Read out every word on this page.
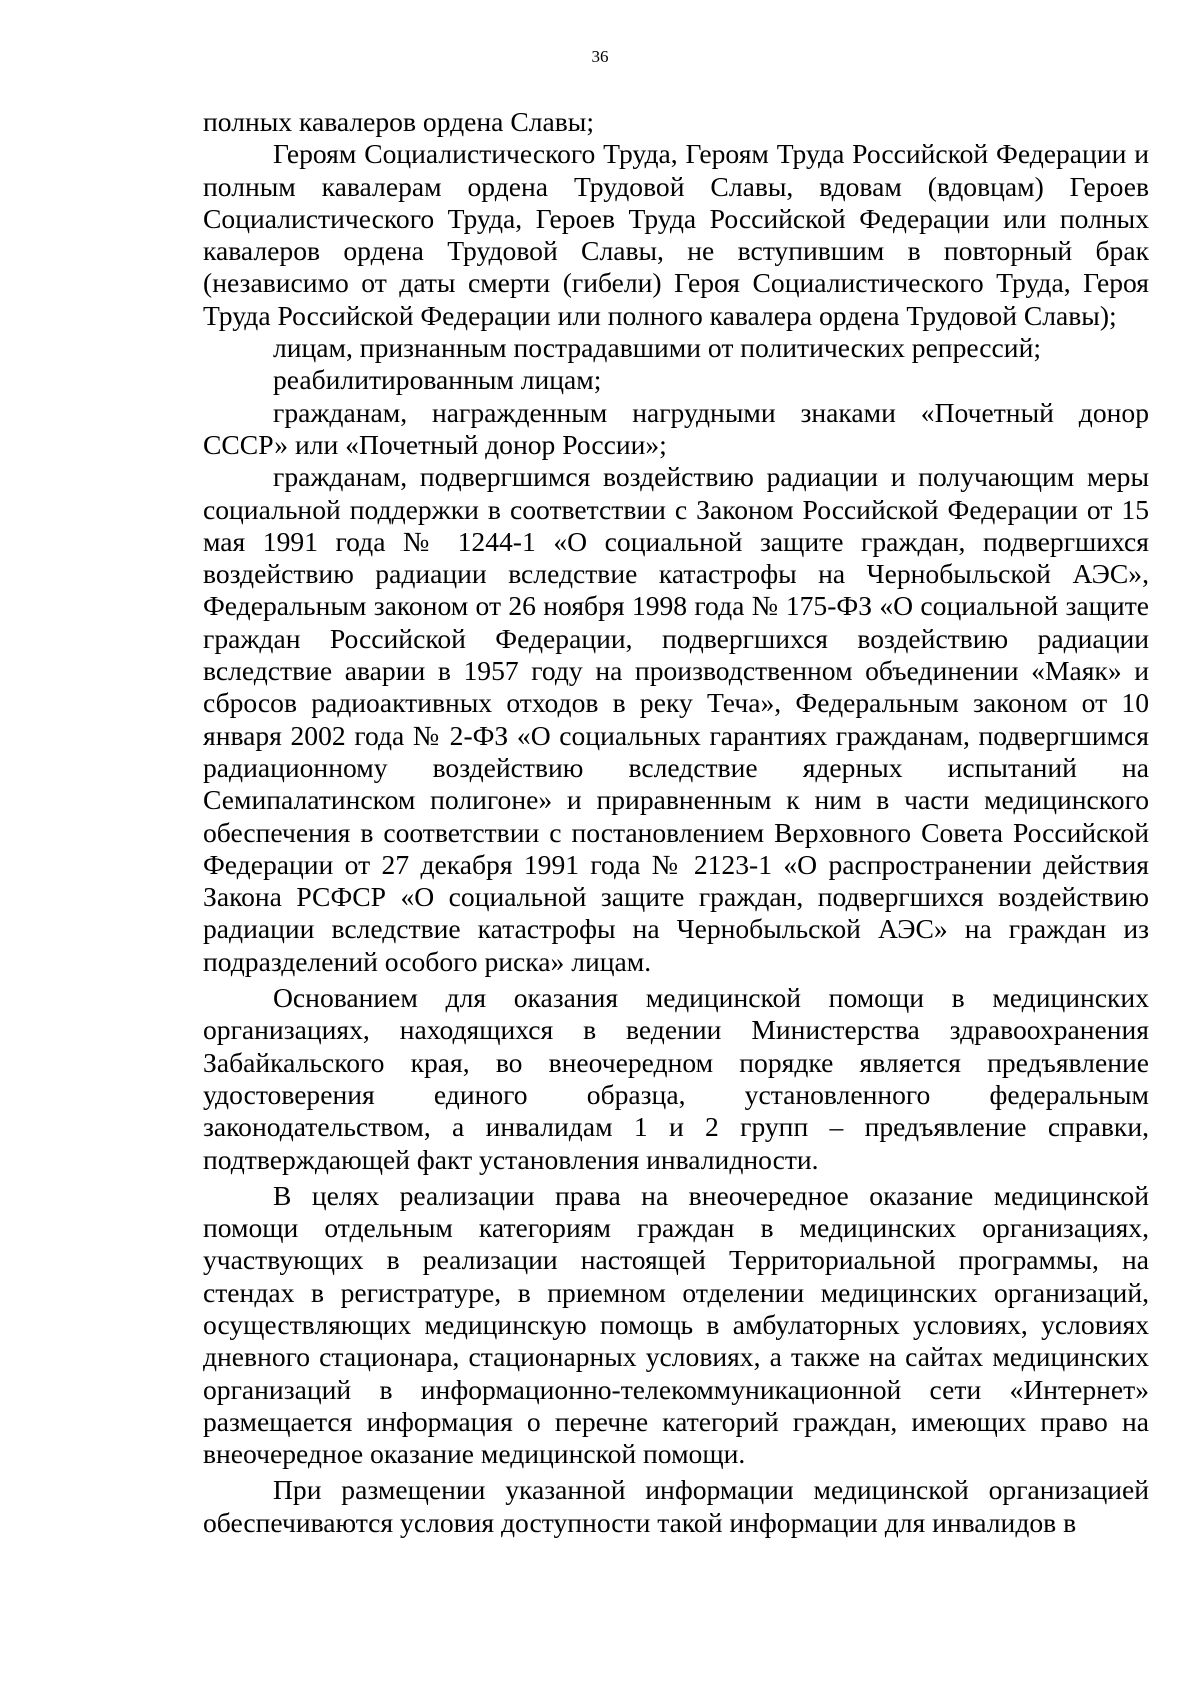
36

полных кавалеров ордена Славы;

Героям Социалистического Труда, Героям Труда Российской Федерации и полным кавалерам ордена Трудовой Славы, вдовам (вдовцам) Героев Социалистического Труда, Героев Труда Российской Федерации или полных кавалеров ордена Трудовой Славы, не вступившим в повторный брак (независимо от даты смерти (гибели) Героя Социалистического Труда, Героя Труда Российской Федерации или полного кавалера ордена Трудовой Славы);

лицам, признанным пострадавшими от политических репрессий;

реабилитированным лицам;

гражданам, награжденным нагрудными знаками «Почетный донор СССР» или «Почетный донор России»;

гражданам, подвергшимся воздействию радиации и получающим меры социальной поддержки в соответствии с Законом Российской Федерации от 15 мая 1991 года № 1244-1 «О социальной защите граждан, подвергшихся воздействию радиации вследствие катастрофы на Чернобыльской АЭС», Федеральным законом от 26 ноября 1998 года № 175-ФЗ «О социальной защите граждан Российской Федерации, подвергшихся воздействию радиации вследствие аварии в 1957 году на производственном объединении «Маяк» и сбросов радиоактивных отходов в реку Теча», Федеральным законом от 10 января 2002 года № 2-ФЗ «О социальных гарантиях гражданам, подвергшимся радиационному воздействию вследствие ядерных испытаний на Семипалатинском полигоне» и приравненным к ним в части медицинского обеспечения в соответствии с постановлением Верховного Совета Российской Федерации от 27 декабря 1991 года № 2123-1 «О распространении действия Закона РСФСР «О социальной защите граждан, подвергшихся воздействию радиации вследствие катастрофы на Чернобыльской АЭС» на граждан из подразделений особого риска» лицам.

Основанием для оказания медицинской помощи в медицинских организациях, находящихся в ведении Министерства здравоохранения Забайкальского края, во внеочередном порядке является предъявление удостоверения единого образца, установленного федеральным законодательством, а инвалидам 1 и 2 групп – предъявление справки, подтверждающей факт установления инвалидности.

В целях реализации права на внеочередное оказание медицинской помощи отдельным категориям граждан в медицинских организациях, участвующих в реализации настоящей Территориальной программы, на стендах в регистратуре, в приемном отделении медицинских организаций, осуществляющих медицинскую помощь в амбулаторных условиях, условиях дневного стационара, стационарных условиях, а также на сайтах медицинских организаций в информационно-телекоммуникационной сети «Интернет» размещается информация о перечне категорий граждан, имеющих право на внеочередное оказание медицинской помощи.

При размещении указанной информации медицинской организацией обеспечиваются условия доступности такой информации для инвалидов в
